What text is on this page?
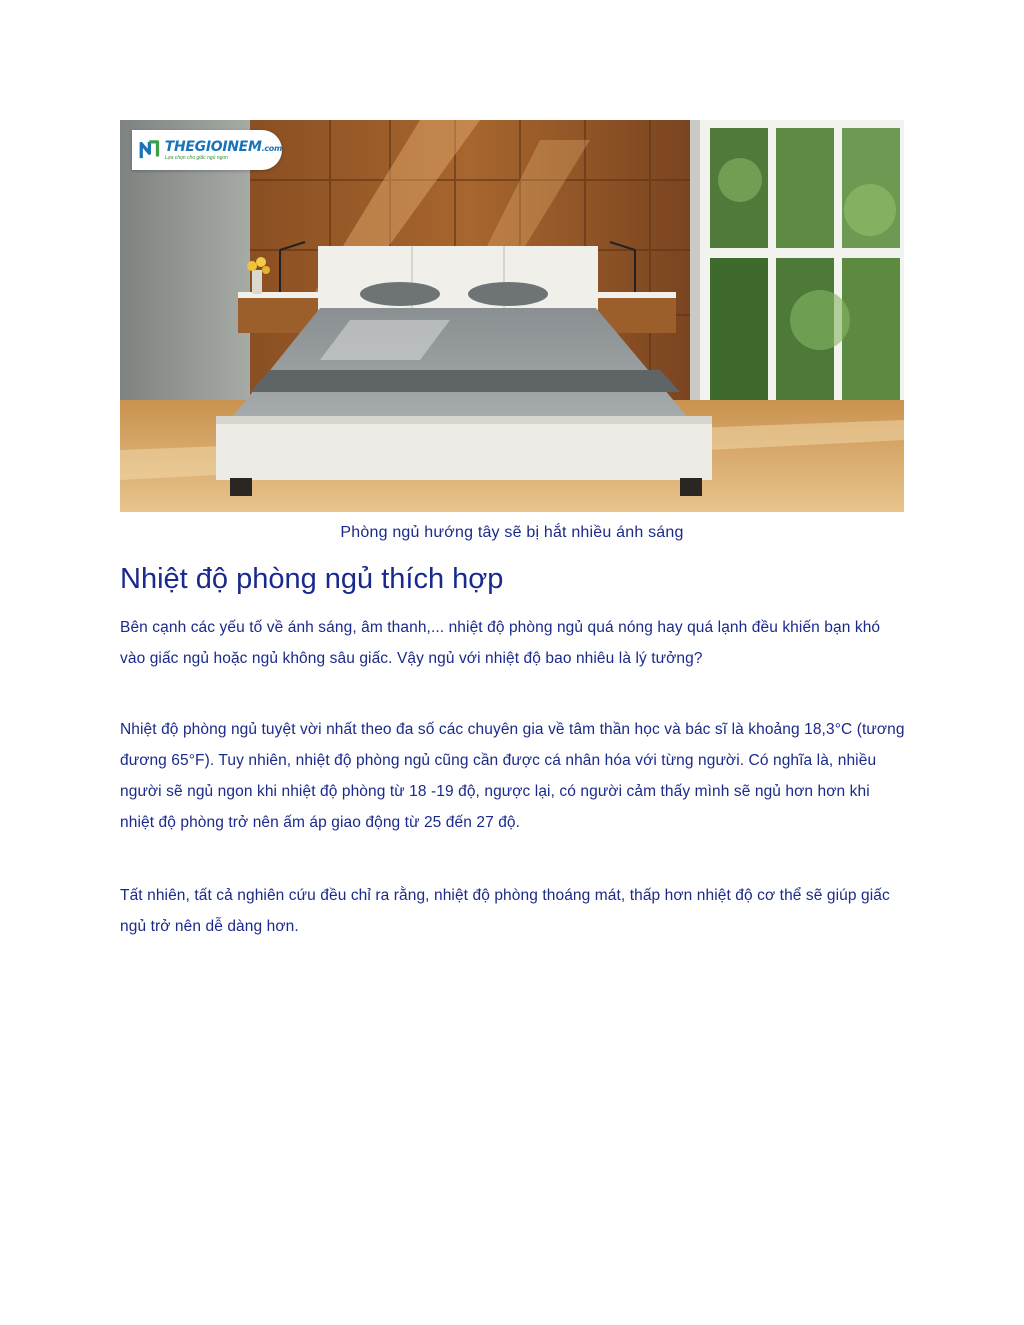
THEGIOINEM.com
Lựa chọn cho giấc ngủ ngon
Phòng ngủ hướng tây sẽ bị hắt nhiều ánh sáng
Nhiệt độ phòng ngủ thích hợp

Bên cạnh các yếu tố về ánh sáng, âm thanh,... nhiệt độ phòng ngủ quá nóng hay quá lạnh đều khiến bạn khó vào giấc ngủ hoặc ngủ không sâu giấc. Vậy ngủ với nhiệt độ bao nhiêu là lý tưởng?

Nhiệt độ phòng ngủ tuyệt vời nhất theo đa số các chuyên gia về tâm thần học và bác sĩ là khoảng 18,3°C (tương đương 65°F). Tuy nhiên, nhiệt độ phòng ngủ cũng cần được cá nhân hóa với từng người. Có nghĩa là, nhiều người sẽ ngủ ngon khi nhiệt độ phòng từ 18 -19 độ, ngược lại, có người cảm thấy mình sẽ ngủ hơn hơn khi nhiệt độ phòng trở nên ấm áp giao động từ 25 đến 27 độ.

Tất nhiên, tất cả nghiên cứu đều chỉ ra rằng, nhiệt độ phòng thoáng mát, thấp hơn nhiệt độ cơ thể sẽ giúp giấc ngủ trở nên dễ dàng hơn.
